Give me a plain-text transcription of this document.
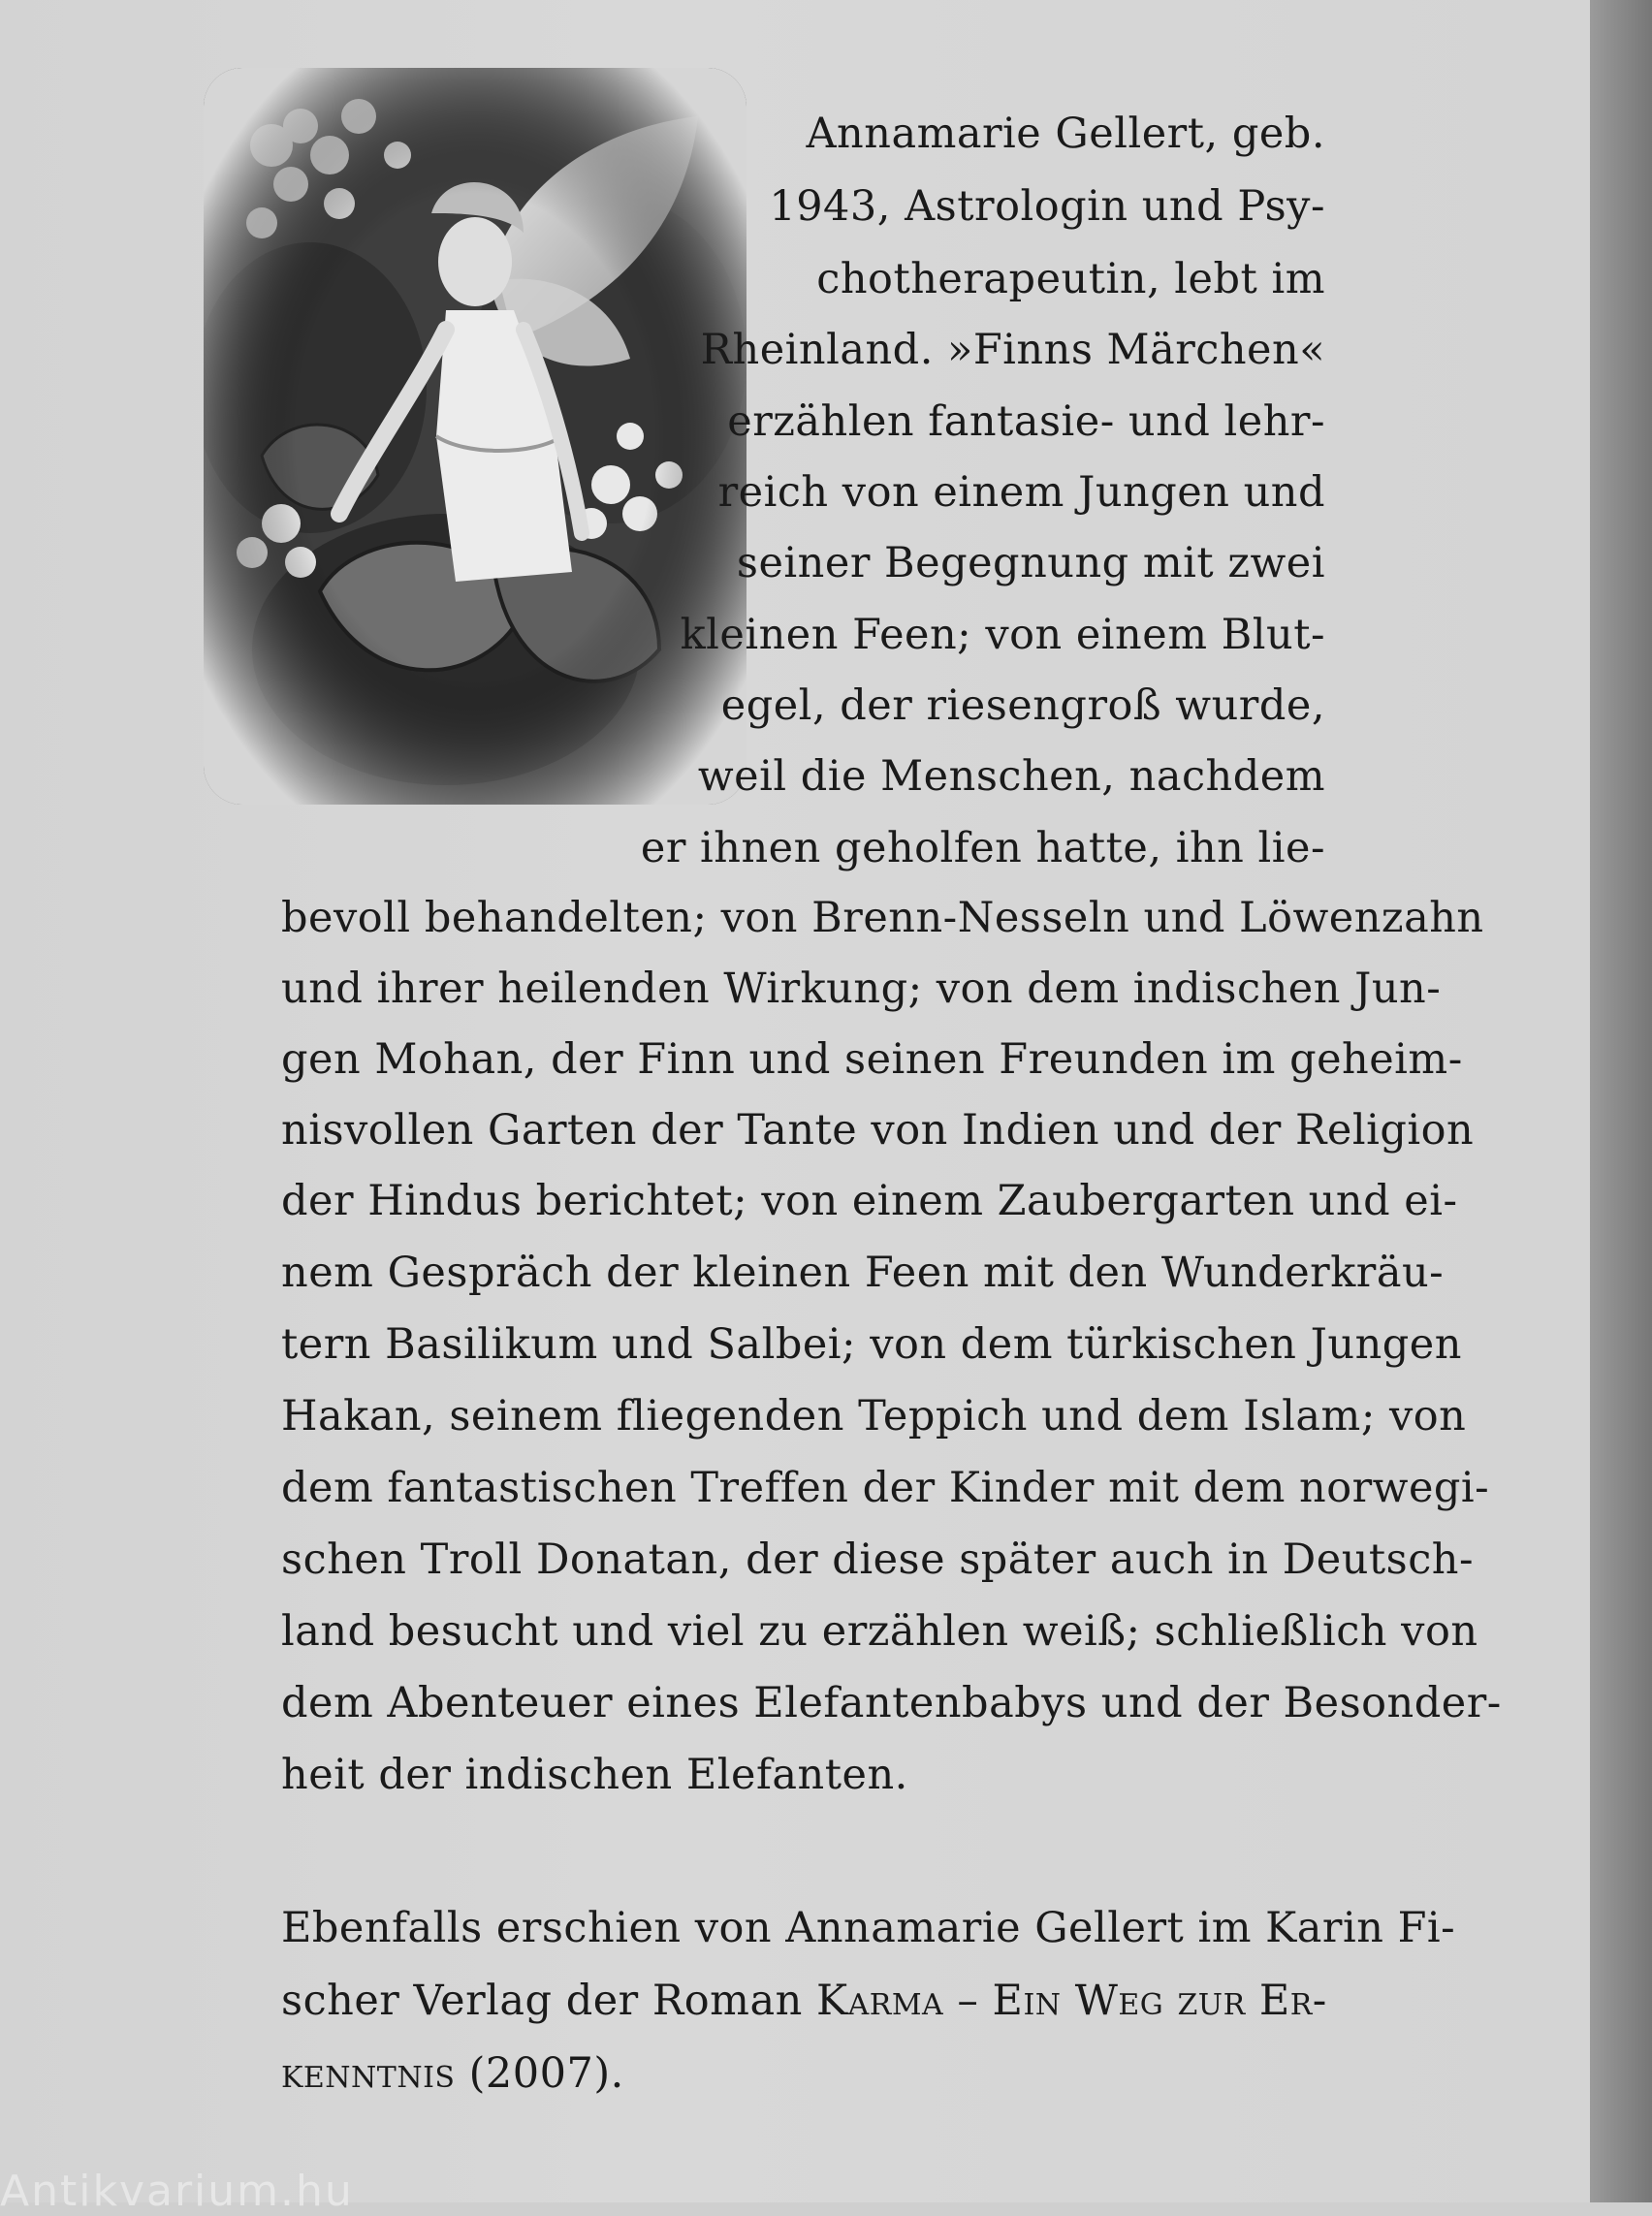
Annamarie Gellert, geb.
1943, Astrologin und Psy-
chotherapeutin, lebt im
Rheinland. »Finns Märchen«
erzählen fantasie- und lehr-
reich von einem Jungen und
seiner Begegnung mit zwei
kleinen Feen; von einem Blut-
egel, der riesengroß wurde,
weil die Menschen, nachdem
er ihnen geholfen hatte, ihn lie-
bevoll behandelten; von Brenn-Nesseln und Löwenzahn
und ihrer heilenden Wirkung; von dem indischen Jun-
gen Mohan, der Finn und seinen Freunden im geheim-
nisvollen Garten der Tante von Indien und der Religion
der Hindus berichtet; von einem Zaubergarten und ei-
nem Gespräch der kleinen Feen mit den Wunderkräu-
tern Basilikum und Salbei; von dem türkischen Jungen
Hakan, seinem fliegenden Teppich und dem Islam; von
dem fantastischen Treffen der Kinder mit dem norwegi-
schen Troll Donatan, der diese später auch in Deutsch-
land besucht und viel zu erzählen weiß; schließlich von
dem Abenteuer eines Elefantenbabys und der Besonder-
heit der indischen Elefanten.
Ebenfalls erschien von Annamarie Gellert im Karin Fi-
scher Verlag der Roman Karma – Ein Weg zur Er-
kenntnis (2007).
Antikvarium.hu
